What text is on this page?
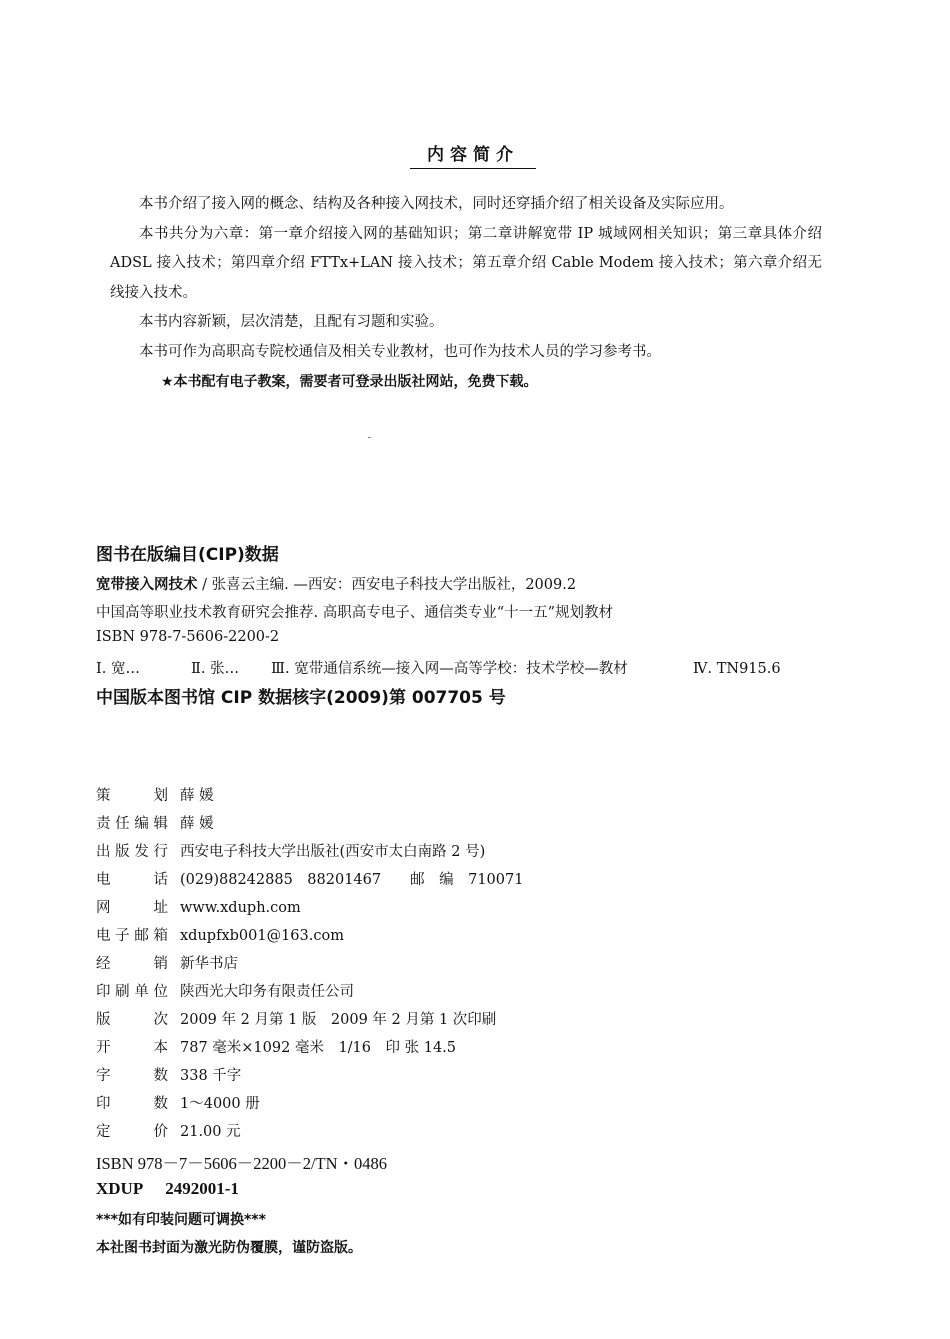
内容简介

本书介绍了接入网的概念、结构及各种接入网技术，同时还穿插介绍了相关设备及实际应用。

本书共分为六章：第一章介绍接入网的基础知识；第二章讲解宽带 IP 城域网相关知识；第三章具体介绍 ADSL 接入技术；第四章介绍 FTTx+LAN 接入技术；第五章介绍 Cable Modem 接入技术；第六章介绍无线接入技术。

本书内容新颖，层次清楚，且配有习题和实验。

本书可作为高职高专院校通信及相关专业教材，也可作为技术人员的学习参考书。

★本书配有电子教案，需要者可登录出版社网站，免费下载。
图书在版编目(CIP)数据
宽带接入网技术 / 张喜云主编. —西安：西安电子科技大学出版社，2009.2
中国高等职业技术教育研究会推荐. 高职高专电子、通信类专业“十一五”规划教材
ISBN 978-7-5606-2200-2
Ⅰ. 宽…	Ⅱ. 张… Ⅲ. 宽带通信系统—接入网—高等学校：技术学校—教材	Ⅳ. TN915.6
中国版本图书馆 CIP 数据核字(2009)第 007705 号
策划 薛 媛
责任编辑 薛 媛
出版发行 西安电子科技大学出版社(西安市太白南路 2 号)
电话 (029)88242885　88201467　　邮　编　710071
网址 www.xduph.com
电子邮箱 xdupfxb001@163.com
经销 新华书店
印刷单位 陕西光大印务有限责任公司
版次 2009 年 2 月第 1 版　2009 年 2 月第 1 次印刷
开本 787 毫米×1092 毫米　1/16　印 张 14.5
字数 338 千字
印数 1～4000 册
定价 21.00 元
ISBN 978－7－5606－2200－2/TN・0486
XDUP 2492001-1
***如有印装问题可调换***
本社图书封面为激光防伪覆膜，谨防盗版。
